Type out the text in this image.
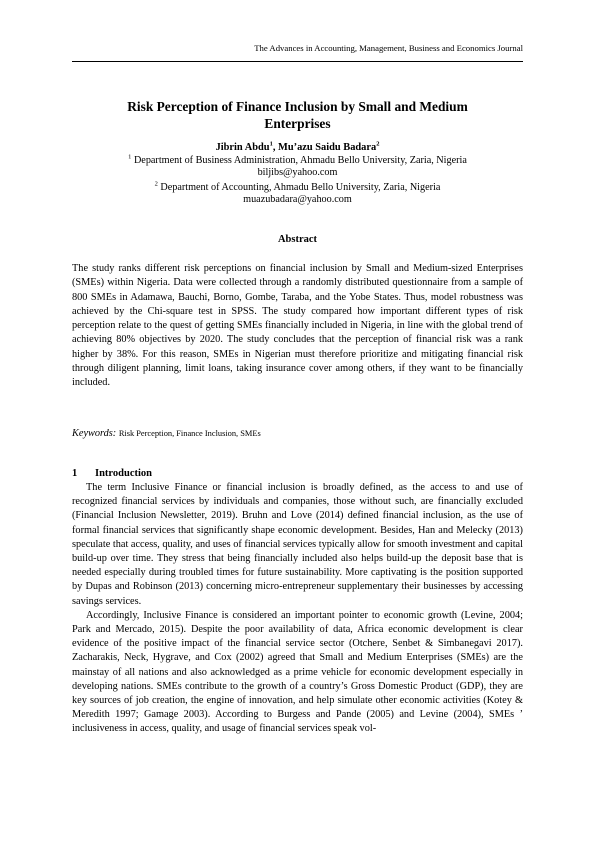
The Advances in Accounting, Management, Business and Economics Journal
Risk Perception of Finance Inclusion by Small and Medium
Enterprises
Jibrin Abdu$^1$, Mu’azu Saidu Badara$^2$
$^1$ Department of Business Administration, Ahmadu Bello University, Zaria, Nigeria
biljibs@yahoo.com
$^2$ Department of Accounting, Ahmadu Bello University, Zaria, Nigeria
muazubadara@yahoo.com
Abstract
The study ranks different risk perceptions on financial inclusion by Small and Medium-sized Enterprises (SMEs) within Nigeria. Data were collected through a randomly distributed questionnaire from a sample of 800 SMEs in Adamawa, Bauchi, Borno, Gombe, Taraba, and the Yobe States. Thus, model robustness was achieved by the Chi-square test in SPSS. The study compared how important different types of risk perception relate to the quest of getting SMEs financially included in Nigeria, in line with the global trend of achieving 80% objectives by 2020. The study concludes that the perception of financial risk was a rank higher by 38%. For this reason, SMEs in Nigerian must therefore prioritize and mitigating financial risk through diligent planning, limit loans, taking insurance cover among others, if they want to be financially included.
Keywords: Risk Perception, Finance Inclusion, SMEs
1 Introduction

The term Inclusive Finance or financial inclusion is broadly defined, as the access to and use of recognized financial services by individuals and companies, those without such, are financially excluded (Financial Inclusion Newsletter, 2019). Bruhn and Love (2014) defined financial inclusion, as the use of formal financial services that significantly shape economic development. Besides, Han and Melecky (2013) speculate that access, quality, and uses of financial services typically allow for smooth investment and capital build-up over time. They stress that being financially included also helps build-up the deposit base that is needed especially during troubled times for future sustainability. More captivating is the position supported by Dupas and Robinson (2013) concerning micro-entrepreneur supplementary their businesses by accessing savings services.

Accordingly, Inclusive Finance is considered an important pointer to economic growth (Levine, 2004; Park and Mercado, 2015). Despite the poor availability of data, Africa economic development is clear evidence of the positive impact of the financial service sector (Otchere, Senbet & Simbanegavi 2017). Zacharakis, Neck, Hygrave, and Cox (2002) agreed that Small and Medium Enterprises (SMEs) are the mainstay of all nations and also acknowledged as a prime vehicle for economic development especially in developing nations. SMEs contribute to the growth of a country’s Gross Domestic Product (GDP), they are key sources of job creation, the engine of innovation, and help simulate other economic activities (Kotey & Meredith 1997; Gamage 2003). According to Burgess and Pande (2005) and Levine (2004), SMEs ’ inclusiveness in access, quality, and usage of financial services speak vol-
